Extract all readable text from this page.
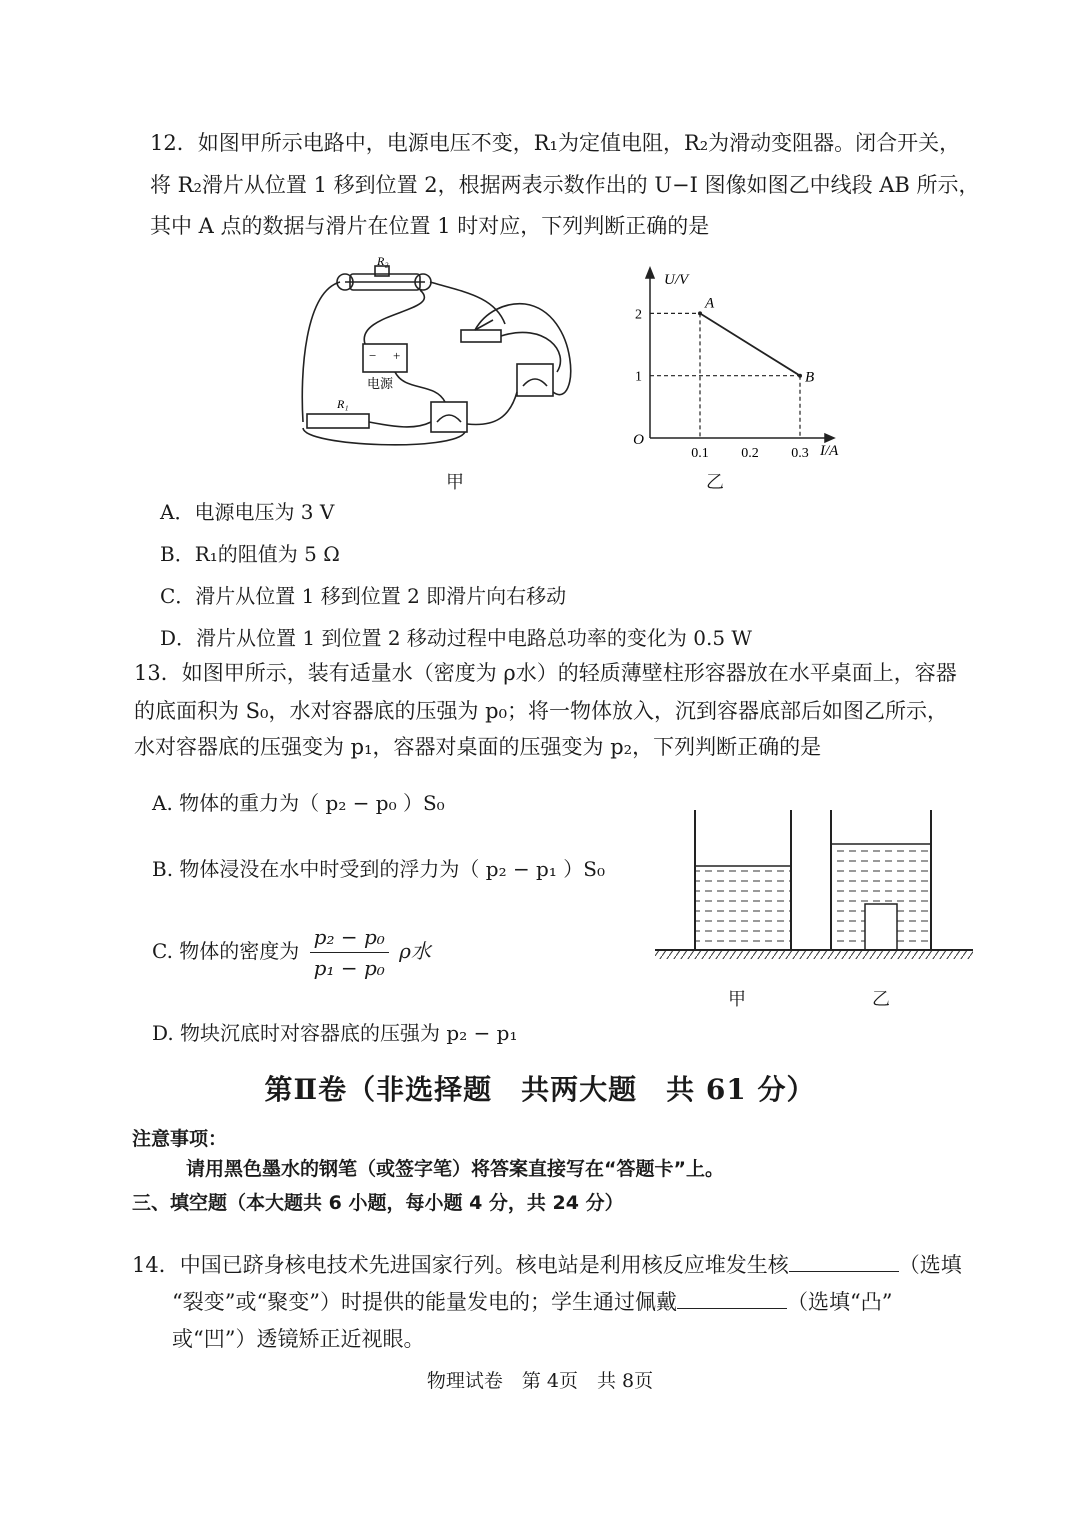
12．如图甲所示电路中，电源电压不变，R₁为定值电阻，R₂为滑动变阻器。闭合开关，
将 R₂滑片从位置 1 移到位置 2，根据两表示数作出的 U−I 图像如图乙中线段 AB 所示，
其中 A 点的数据与滑片在位置 1 时对应，下列判断正确的是
R₂
R₁
− +
电源
甲
0.1 0.2 0.3
1
2
A
B
U/V
I/A
O
乙
A．电源电压为 3 V
B．R₁的阻值为 5 Ω
C．滑片从位置 1 移到位置 2 即滑片向右移动
D．滑片从位置 1 到位置 2 移动过程中电路总功率的变化为 0.5 W
13．如图甲所示，装有适量水（密度为 ρ水）的轻质薄壁柱形容器放在水平桌面上，容器
的底面积为 S₀，水对容器底的压强为 p₀；将一物体放入，沉到容器底部后如图乙所示，
水对容器底的压强变为 p₁，容器对桌面的压强变为 p₂，下列判断正确的是
A. 物体的重力为（ p₂ − p₀ ）S₀
B. 物体浸没在水中时受到的浮力为（ p₂ − p₁ ）S₀
C. 物体的密度为 $\frac{\text{p₂ − p₀}}{\text{p₁ − p₀}}$ ρ水
D. 物块沉底时对容器底的压强为 p₂ − p₁
甲	乙
第Ⅱ卷（非选择题　共两大题　共 61 分）
注意事项：
请用黑色墨水的钢笔（或签字笔）将答案直接写在“答题卡”上。
三、填空题（本大题共 6 小题，每小题 4 分，共 24 分）
14．中国已跻身核电技术先进国家行列。核电站是利用核反应堆发生核	（选填
“裂变”或“聚变”）时提供的能量发电的；学生通过佩戴	（选填“凸”
或“凹”）透镜矫正近视眼。
物理试卷　第 4页　共 8页
